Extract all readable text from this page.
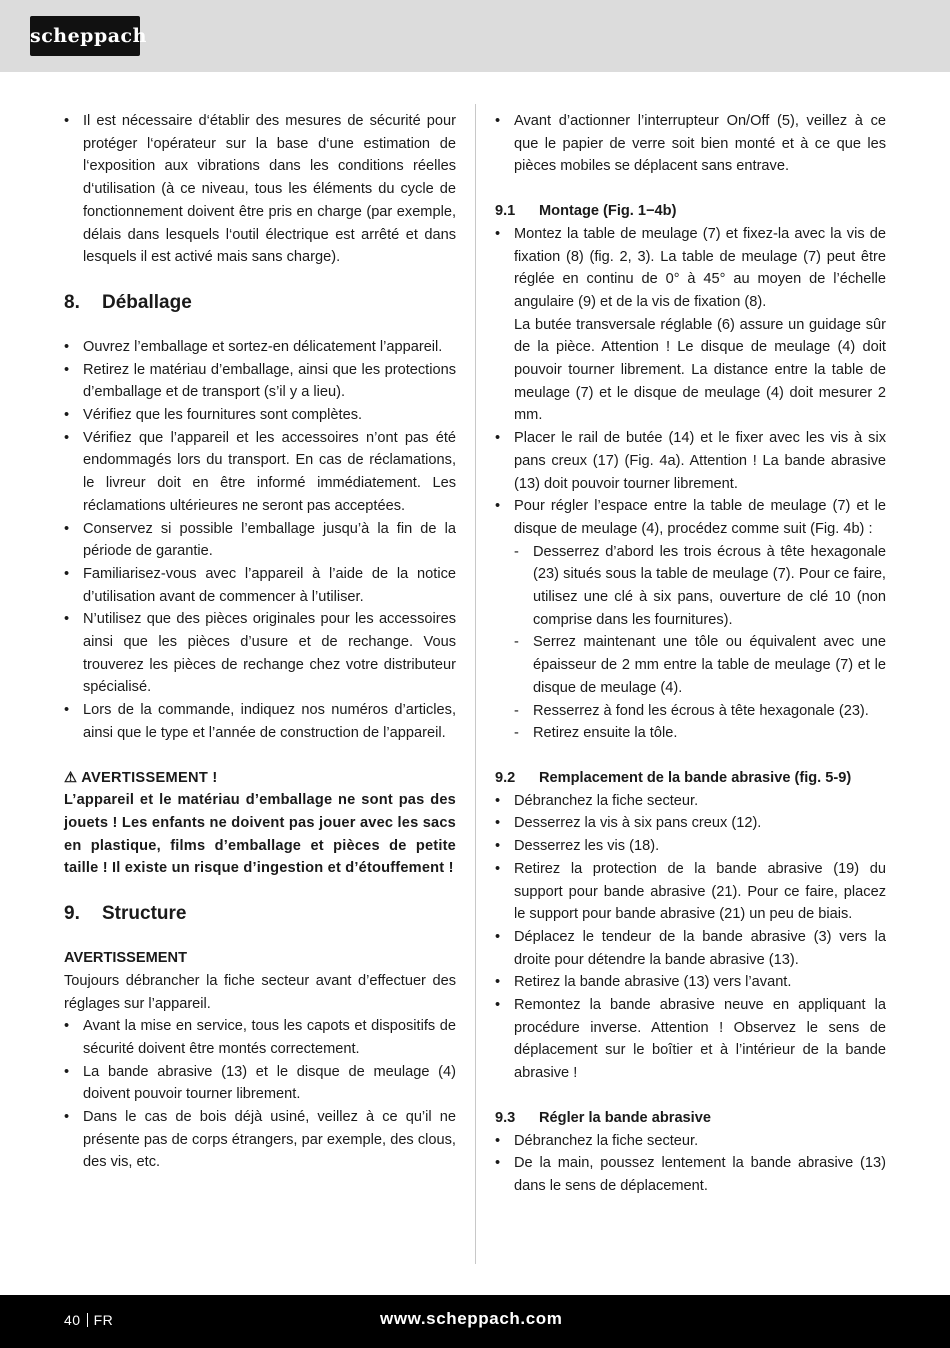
scheppach
• Il est nécessaire d‘établir des mesures de sécurité pour protéger l‘opérateur sur la base d‘une estimation de l‘exposition aux vibrations dans les conditions réelles d‘utilisation (à ce niveau, tous les éléments du cycle de fonctionnement doivent être pris en charge (par exemple, délais dans lesquels l‘outil électrique est arrêté et dans lesquels il est activé mais sans charge).
8. Déballage
• Ouvrez l’emballage et sortez-en délicatement l’appareil.
• Retirez le matériau d’emballage, ainsi que les protections d’emballage et de transport (s’il y a lieu).
• Vérifiez que les fournitures sont complètes.
• Vérifiez que l’appareil et les accessoires n’ont pas été endommagés lors du transport. En cas de réclamations, le livreur doit en être informé immédiatement. Les réclamations ultérieures ne seront pas acceptées.
• Conservez si possible l’emballage jusqu’à la fin de la période de garantie.
• Familiarisez-vous avec l’appareil à l’aide de la notice d’utilisation avant de commencer à l’utiliser.
• N’utilisez que des pièces originales pour les accessoires ainsi que les pièces d’usure et de rechange. Vous trouverez les pièces de rechange chez votre distributeur spécialisé.
• Lors de la commande, indiquez nos numéros d’articles, ainsi que le type et l’année de construction de l’appareil.

⚠ AVERTISSEMENT !

L’appareil et le matériau d’emballage ne sont pas des jouets ! Les enfants ne doivent pas jouer avec les sacs en plastique, films d’emballage et pièces de petite taille ! Il existe un risque d’ingestion et d’étouffement !

9. Structure

AVERTISSEMENT

Toujours débrancher la fiche secteur avant d’effectuer des réglages sur l’appareil.

• Avant la mise en service, tous les capots et dispositifs de sécurité doivent être montés correctement.
• La bande abrasive (13) et le disque de meulage (4) doivent pouvoir tourner librement.
• Dans le cas de bois déjà usiné, veillez à ce qu’il ne présente pas de corps étrangers, par exemple, des clous, des vis, etc.
• Avant d’actionner l’interrupteur On/Off (5), veillez à ce que le papier de verre soit bien monté et à ce que les pièces mobiles se déplacent sans entrave.

9.1 Montage (Fig. 1−4b)

• Montez la table de meulage (7) et fixez-la avec la vis de fixation (8) (fig. 2, 3). La table de meulage (7) peut être réglée en continu de 0° à 45° au moyen de l’échelle angulaire (9) et de la vis de fixation (8).

La butée transversale réglable (6) assure un guidage sûr de la pièce. Attention ! Le disque de meulage (4) doit pouvoir tourner librement. La distance entre la table de meulage (7) et le disque de meulage (4) doit mesurer 2 mm.

• Placer le rail de butée (14) et le fixer avec les vis à six pans creux (17) (Fig. 4a). Attention ! La bande abrasive (13) doit pouvoir tourner librement.
• Pour régler l’espace entre la table de meulage (7) et le disque de meulage (4), procédez comme suit (Fig. 4b) :
- Desserrez d’abord les trois écrous à tête hexagonale (23) situés sous la table de meulage (7). Pour ce faire, utilisez une clé à six pans, ouverture de clé 10 (non comprise dans les fournitures).
- Serrez maintenant une tôle ou équivalent avec une épaisseur de 2 mm entre la table de meulage (7) et le disque de meulage (4).
- Resserrez à fond les écrous à tête hexagonale (23).
- Retirez ensuite la tôle.

9.2 Remplacement de la bande abrasive (fig. 5-9)

• Débranchez la fiche secteur.
• Desserrez la vis à six pans creux (12).
• Desserrez les vis (18).
• Retirez la protection de la bande abrasive (19) du support pour bande abrasive (21). Pour ce faire, placez le support pour bande abrasive (21) un peu de biais.
• Déplacez le tendeur de la bande abrasive (3) vers la droite pour détendre la bande abrasive (13).
• Retirez la bande abrasive (13) vers l’avant.
• Remontez la bande abrasive neuve en appliquant la procédure inverse. Attention ! Observez le sens de déplacement sur le boîtier et à l’intérieur de la bande abrasive !

9.3 Régler la bande abrasive

• Débranchez la fiche secteur.
• De la main, poussez lentement la bande abrasive (13) dans le sens de déplacement.
40 FR	www.scheppach.com
